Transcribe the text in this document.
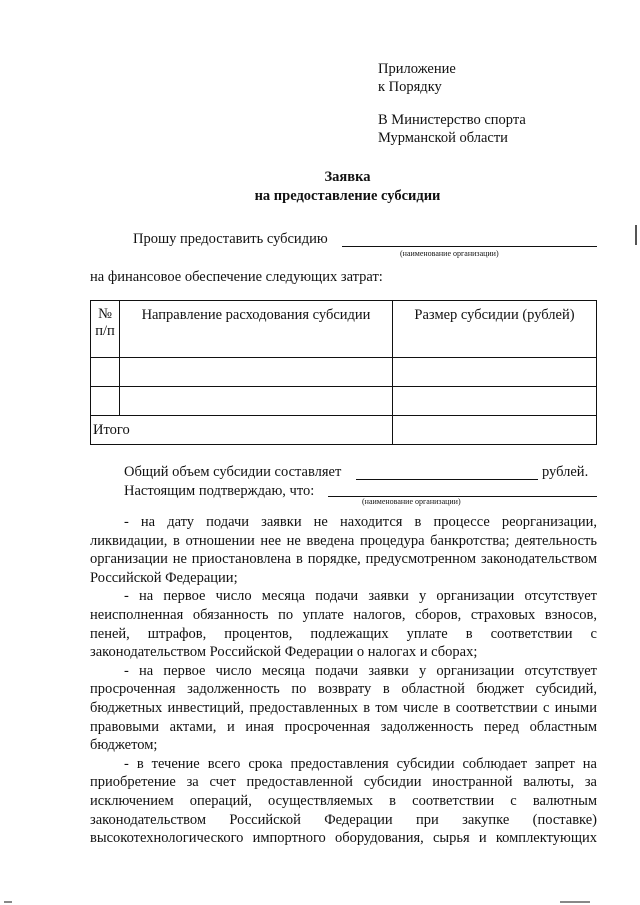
Приложение
к Порядку
В Министерство спорта
Мурманской области
Заявка
на предоставление субсидии
Прошу предоставить субсидию
(наименование организации)
на финансовое обеспечение следующих затрат:
№ п/п	Направление расходования субсидии	Размер субсидии (рублей)

Итого		
Общий объем субсидии составляет	рублей.
Настоящим подтверждаю, что:
(наименование организации)

- на дату подачи заявки не находится в процессе реорганизации, ликвидации, в отношении нее не введена процедура банкротства; деятельность организации не приостановлена в порядке, предусмотренном законодательством Российской Федерации;

- на первое число месяца подачи заявки у организации отсутствует неисполненная обязанность по уплате налогов, сборов, страховых взносов, пеней, штрафов, процентов, подлежащих уплате в соответствии с законодательством Российской Федерации о налогах и сборах;

- на первое число месяца подачи заявки у организации отсутствует просроченная задолженность по возврату в областной бюджет субсидий, бюджетных инвестиций, предоставленных в том числе в соответствии с иными правовыми актами, и иная просроченная задолженность перед областным бюджетом;

- в течение всего срока предоставления субсидии соблюдает запрет на приобретение за счет предоставленной субсидии иностранной валюты, за исключением операций, осуществляемых в соответствии с валютным законодательством Российской Федерации при закупке (поставке) высокотехнологического импортного оборудования, сырья и комплектующих
